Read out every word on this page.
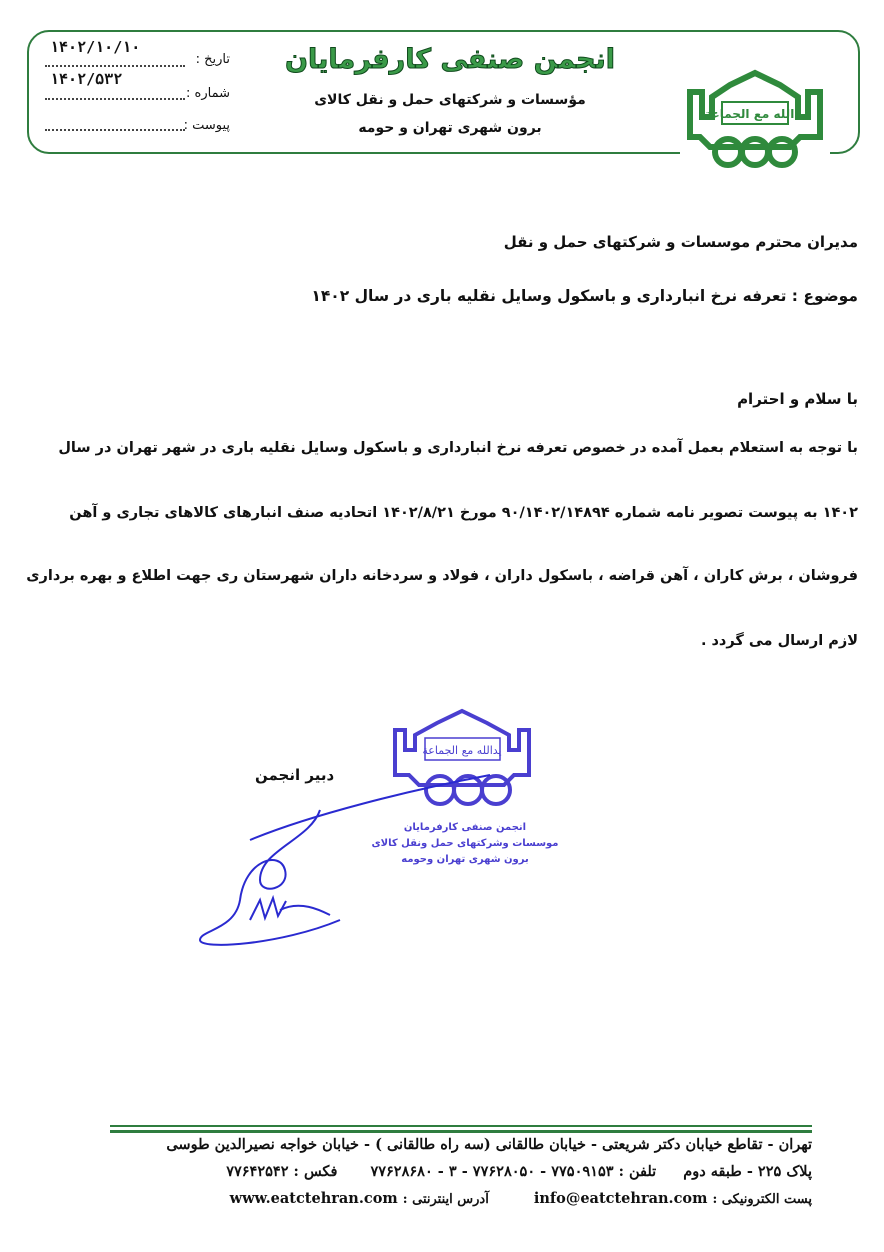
انجمن صنفی کارفرمایان
مؤسسات و شرکتهای حمل و نقل کالای
برون شهری تهران و حومه
تاریخ :
۱۴۰۲/۱۰/۱۰
شماره :
۱۴۰۲/۵۳۲
پیوست :
یدالله مع الجماعة
مدیران محترم موسسات و شرکتهای حمل و نقل
موضوع : تعرفه نرخ انبارداری و باسکول وسایل نقلیه باری در سال ۱۴۰۲
با سلام و احترام
با توجه به استعلام بعمل آمده در خصوص تعرفه نرخ انبارداری و باسکول وسایل نقلیه باری در شهر تهران در سال
۱۴۰۲ به پیوست تصویر نامه شماره ۹۰/۱۴۰۲/۱۴۸۹۴ مورخ ۱۴۰۲/۸/۲۱ اتحادیه صنف انبارهای کالاهای تجاری و آهن
فروشان ، برش کاران ، آهن قراضه ، باسکول داران ، فولاد و سردخانه داران شهرستان ری جهت اطلاع و بهره برداری
لازم ارسال می گردد .
یدالله مع الجماعة
انجمن صنفی کارفرمایان
موسسات وشرکتهای حمل ونقل کالای
برون شهری تهران وحومه
دبیر انجمن
تهران - تقاطع خیابان دکتر شریعتی - خیابان طالقانی (سه راه طالقانی ) - خیابان خواجه نصیرالدین طوسی
پلاک ۲۲۵ - طبقه دوم تلفن : ۷۷۵۰۹۱۵۳ - ۷۷۶۲۸۰۵۰ - ۳ - ۷۷۶۲۸۶۸۰ فکس : ۷۷۶۴۲۵۴۲
پست الکترونیکی : info@eatctehran.com آدرس اینترنتی : www.eatctehran.com
